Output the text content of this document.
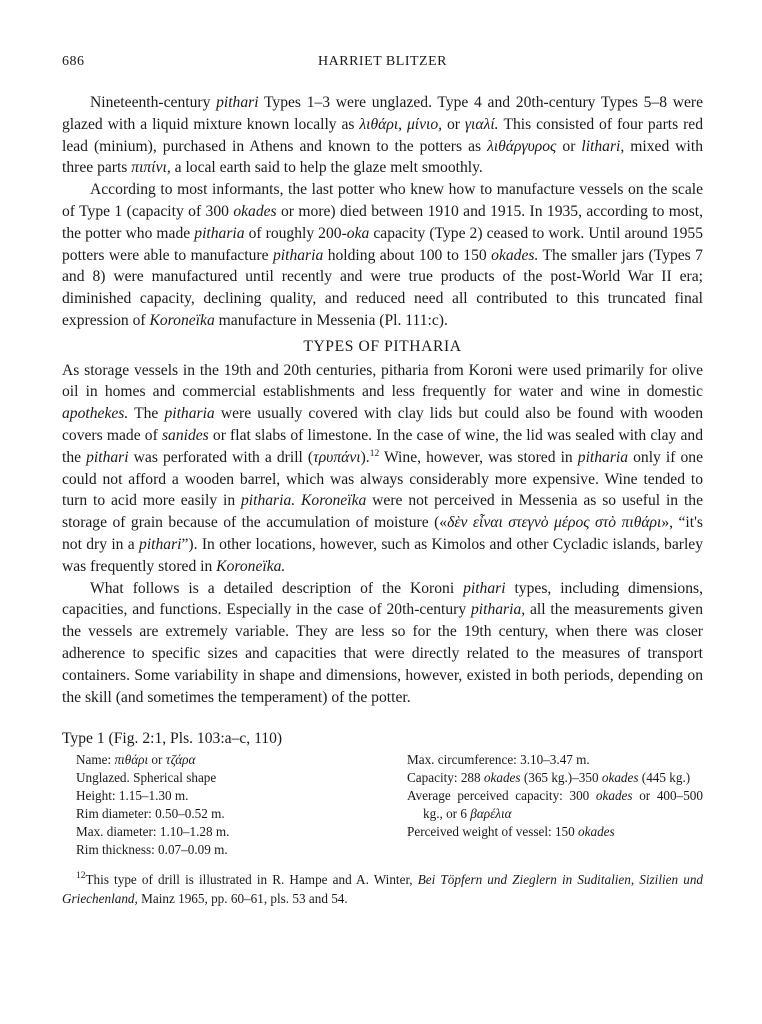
686	HARRIET BLITZER

Nineteenth-century pithari Types 1–3 were unglazed. Type 4 and 20th-century Types 5–8 were glazed with a liquid mixture known locally as λιθάρι, μίνιο, or γιαλί. This consisted of four parts red lead (minium), purchased in Athens and known to the potters as λιθάργυρος or lithari, mixed with three parts πιπίνι, a local earth said to help the glaze melt smoothly.

According to most informants, the last potter who knew how to manufacture vessels on the scale of Type 1 (capacity of 300 okades or more) died between 1910 and 1915. In 1935, according to most, the potter who made pitharia of roughly 200-oka capacity (Type 2) ceased to work. Until around 1955 potters were able to manufacture pitharia holding about 100 to 150 okades. The smaller jars (Types 7 and 8) were manufactured until recently and were true products of the post-World War II era; diminished capacity, declining quality, and reduced need all contributed to this truncated final expression of Koroneïka manufacture in Messenia (Pl. 111:c).

TYPES OF PITHARIA

As storage vessels in the 19th and 20th centuries, pitharia from Koroni were used primarily for olive oil in homes and commercial establishments and less frequently for water and wine in domestic apothekes. The pitharia were usually covered with clay lids but could also be found with wooden covers made of sanides or flat slabs of limestone. In the case of wine, the lid was sealed with clay and the pithari was perforated with a drill (τρυπάνι).$^{12}$ Wine, however, was stored in pitharia only if one could not afford a wooden barrel, which was always considerably more expensive. Wine tended to turn to acid more easily in pitharia. Koroneïka were not perceived in Messenia as so useful in the storage of grain because of the accumulation of moisture («δὲν εἶναι στεγνὸ μέρος στὸ πιθάρι», “it's not dry in a pithari”). In other locations, however, such as Kimolos and other Cycladic islands, barley was frequently stored in Koroneïka.

What follows is a detailed description of the Koroni pithari types, including dimensions, capacities, and functions. Especially in the case of 20th-century pitharia, all the measurements given the vessels are extremely variable. They are less so for the 19th century, when there was closer adherence to specific sizes and capacities that were directly related to the measures of transport containers. Some variability in shape and dimensions, however, existed in both periods, depending on the skill (and sometimes the temperament) of the potter.

Type 1 (Fig. 2:1, Pls. 103:a–c, 110)
Name: πιθάρι or τζάρα
Unglazed. Spherical shape
Height: 1.15–1.30 m.
Rim diameter: 0.50–0.52 m.
Max. diameter: 1.10–1.28 m.
Rim thickness: 0.07–0.09 m.
Max. circumference: 3.10–3.47 m.
Capacity: 288 okades (365 kg.)–350 okades (445 kg.)
Average perceived capacity: 300 okades or 400–500 kg., or 6 βαρέλια
Perceived weight of vessel: 150 okades
$^{12}$This type of drill is illustrated in R. Hampe and A. Winter, Bei Töpfern und Zieglern in Suditalien, Sizilien und Griechenland, Mainz 1965, pp. 60–61, pls. 53 and 54.
